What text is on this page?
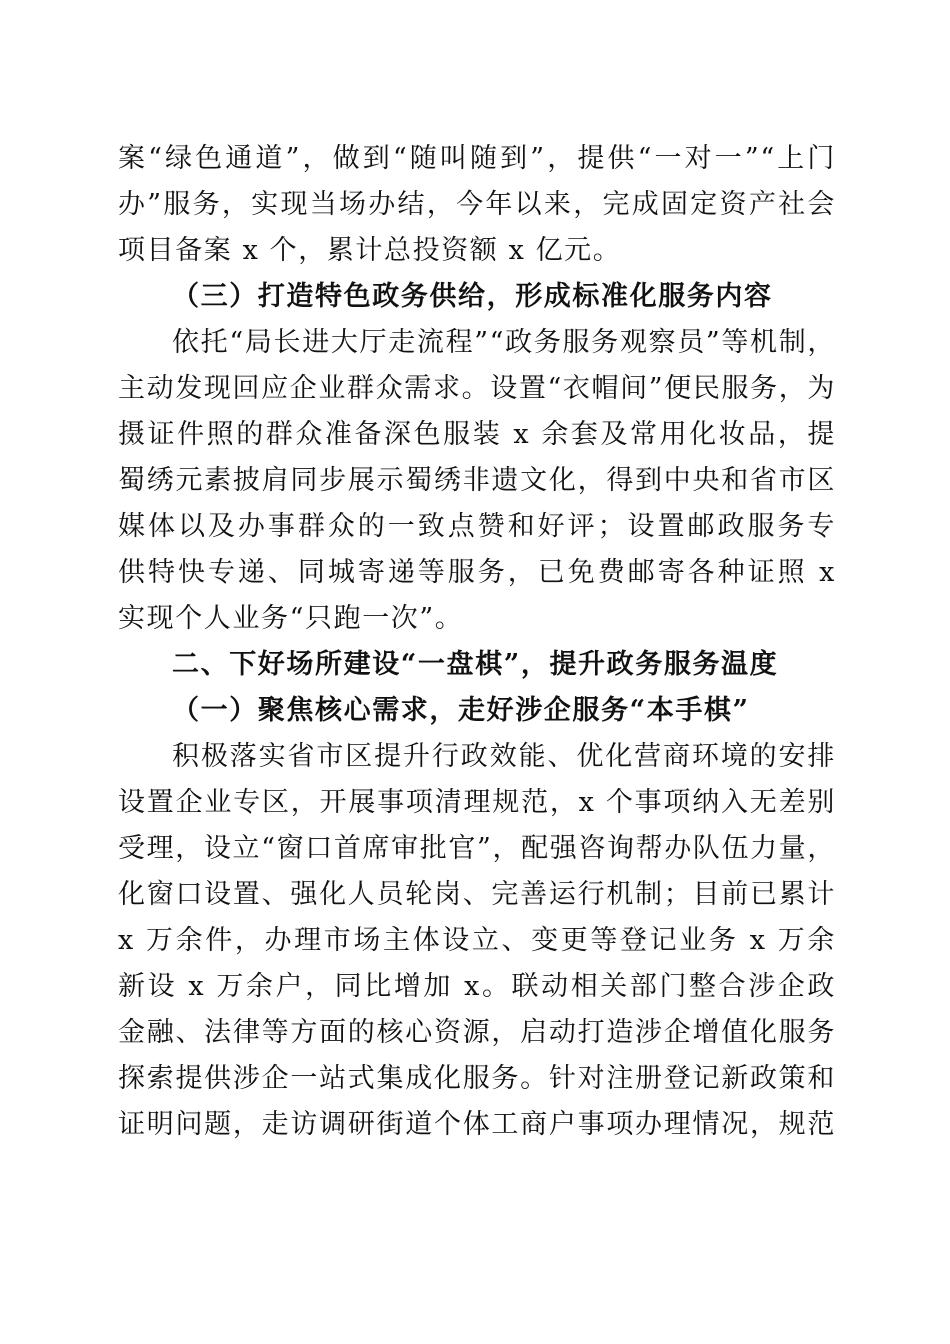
案“绿色通道”，做到“随叫随到”，提供“一对一”“上门
办”服务，实现当场办结，今年以来，完成固定资产社会
项目备案 x 个，累计总投资额 x 亿元。
（三）打造特色政务供给，形成标准化服务内容
依托“局长进大厅走流程”“政务服务观察员”等机制，
主动发现回应企业群众需求。设置“衣帽间”便民服务，为
摄证件照的群众准备深色服装 x 余套及常用化妆品，提
蜀绣元素披肩同步展示蜀绣非遗文化，得到中央和省市区
媒体以及办事群众的一致点赞和好评；设置邮政服务专
供特快专递、同城寄递等服务，已免费邮寄各种证照 x
实现个人业务“只跑一次”。
二、下好场所建设“一盘棋”，提升政务服务温度
（一）聚焦核心需求，走好涉企服务“本手棋”
积极落实省市区提升行政效能、优化营商环境的安排
设置企业专区，开展事项清理规范，x 个事项纳入无差别
受理，设立“窗口首席审批官”，配强咨询帮办队伍力量，
化窗口设置、强化人员轮岗、完善运行机制；目前已累计
x 万余件，办理市场主体设立、变更等登记业务 x 万余
新设 x 万余户，同比增加 x。联动相关部门整合涉企政
金融、法律等方面的核心资源，启动打造涉企增值化服务
探索提供涉企一站式集成化服务。针对注册登记新政策和
证明问题，走访调研街道个体工商户事项办理情况，规范
